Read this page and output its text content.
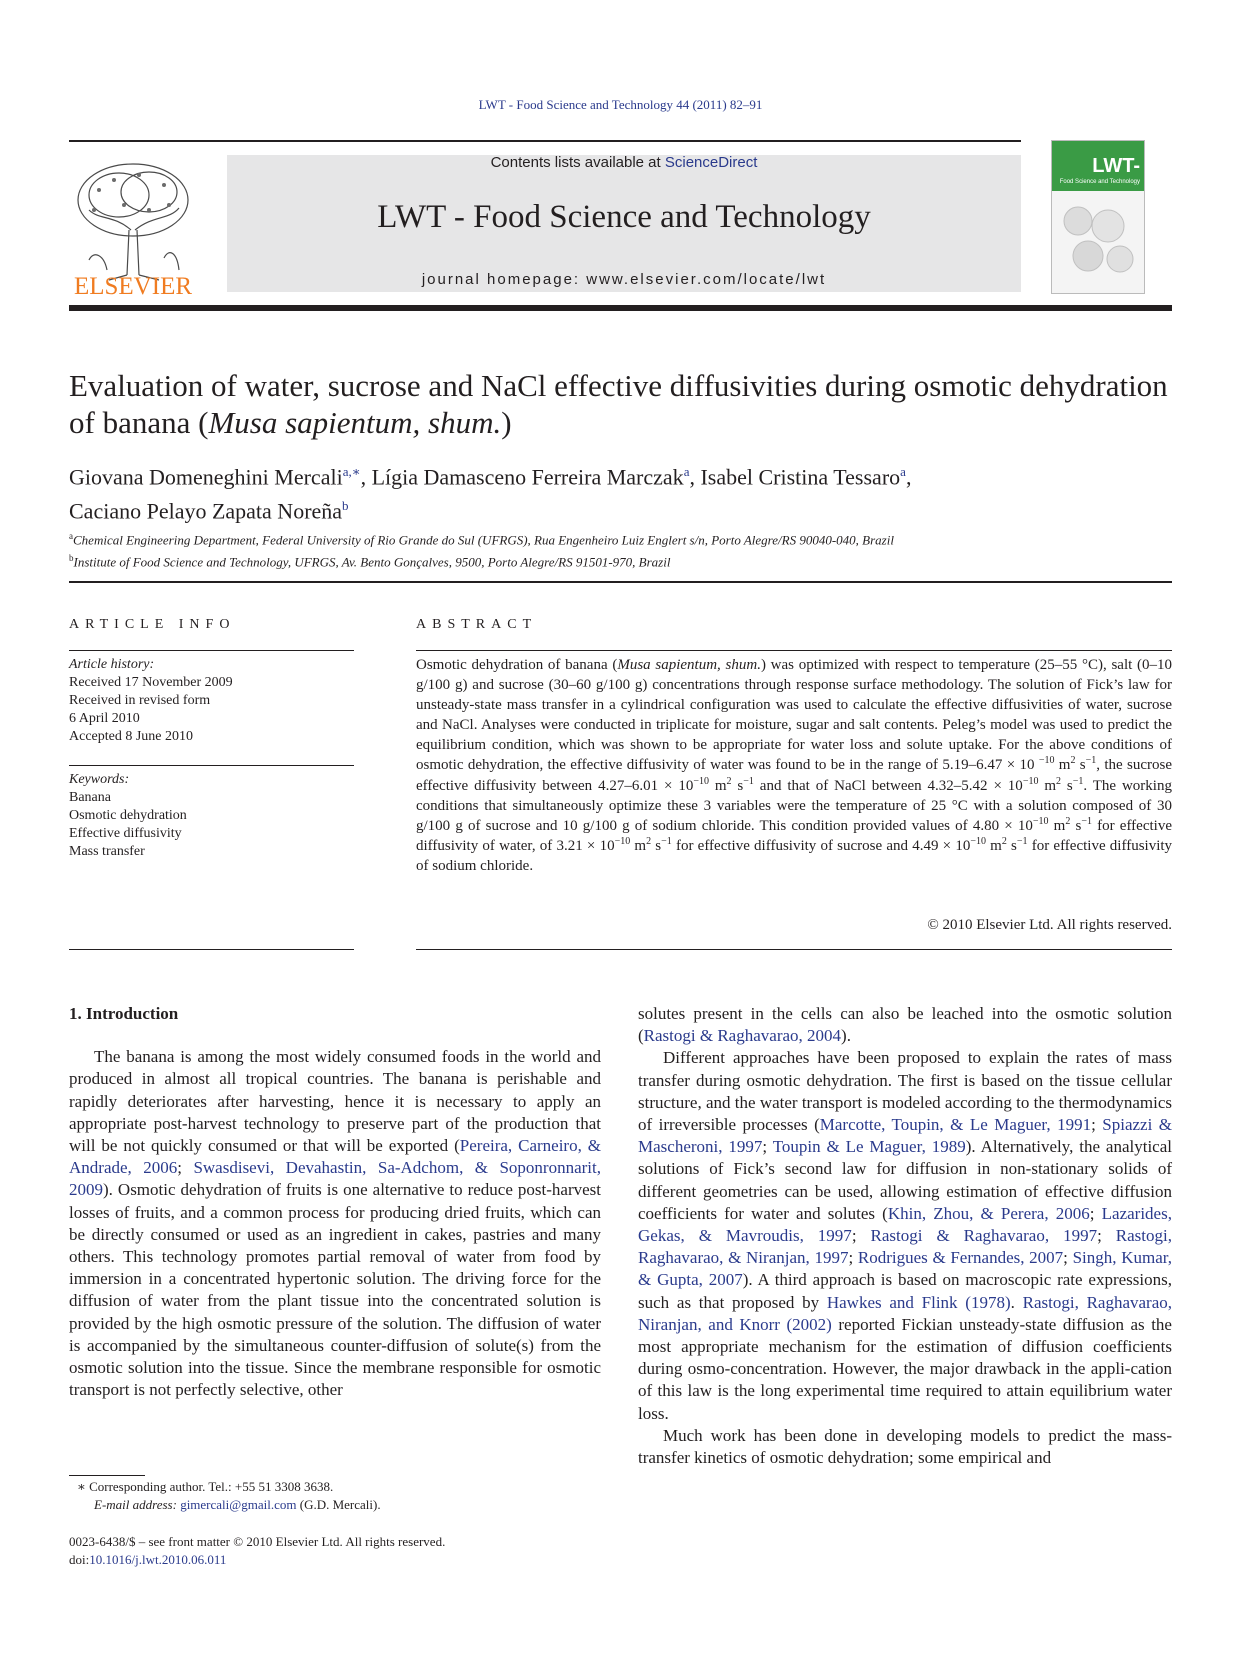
LWT - Food Science and Technology 44 (2011) 82–91
ELSEVIER
Contents lists available at ScienceDirect
LWT - Food Science and Technology
journal homepage: www.elsevier.com/locate/lwt
LWT-
Food Science and Technology
Evaluation of water, sucrose and NaCl effective diffusivities during osmotic dehydration of banana (Musa sapientum, shum.)
Giovana Domeneghini Mercali$^{a,∗}$, Lígia Damasceno Ferreira Marczak$^a$, Isabel Cristina Tessaro$^a$,
Caciano Pelayo Zapata Noreña$^b$
$^a$Chemical Engineering Department, Federal University of Rio Grande do Sul (UFRGS), Rua Engenheiro Luiz Englert s/n, Porto Alegre/RS 90040-040, Brazil
$^b$Institute of Food Science and Technology, UFRGS, Av. Bento Gonçalves, 9500, Porto Alegre/RS 91501-970, Brazil
ARTICLE INFO
Article history:
Received 17 November 2009
Received in revised form
6 April 2010
Accepted 8 June 2010
Keywords:
Banana
Osmotic dehydration
Effective diffusivity
Mass transfer
ABSTRACT
Osmotic dehydration of banana (Musa sapientum, shum.) was optimized with respect to temperature (25–55 °C), salt (0–10 g/100 g) and sucrose (30–60 g/100 g) concentrations through response surface methodology. The solution of Fick’s law for unsteady-state mass transfer in a cylindrical configuration was used to calculate the effective diffusivities of water, sucrose and NaCl. Analyses were conducted in triplicate for moisture, sugar and salt contents. Peleg’s model was used to predict the equilibrium condition, which was shown to be appropriate for water loss and solute uptake. For the above conditions of osmotic dehydration, the effective diffusivity of water was found to be in the range of 5.19–6.47 × 10 $^{-10}$ $m^2$ $s^{-1}$, the sucrose effective diffusivity between $4.27-6.01 \times 10^{-10}$ $m^2$ $s^{-1}$ and that of NaCl between $4.32-5.42 \times 10^{-10}$ $m^2$ $s^{-1}$. The working conditions that simultaneously optimize these 3 variables were the temperature of 25 °C with a solution composed of 30 g/100 g of sucrose and 10 g/100 g of sodium chloride. This condition provided values of $4.80 \times 10^{-10}$ $m^2$ $s^{-1}$ for effective diffusivity of water, of $3.21 \times 10^{-10}$ $m^2$ $s^{-1}$ for effective diffusivity of sucrose and $4.49 \times 10^{-10}$ $m^2$ $s^{-1}$ for effective diffusivity of sodium chloride.
© 2010 Elsevier Ltd. All rights reserved.
1. Introduction

The banana is among the most widely consumed foods in the world and produced in almost all tropical countries. The banana is perishable and rapidly deteriorates after harvesting, hence it is necessary to apply an appropriate post-harvest technology to preserve part of the production that will be not quickly consumed or that will be exported (Pereira, Carneiro, & Andrade, 2006; Swasdisevi, Devahastin, Sa-Adchom, & Soponronnarit, 2009). Osmotic dehydration of fruits is one alternative to reduce post-harvest losses of fruits, and a common process for producing dried fruits, which can be directly consumed or used as an ingredient in cakes, pastries and many others. This technology promotes partial removal of water from food by immersion in a concentrated hypertonic solution. The driving force for the diffusion of water from the plant tissue into the concentrated solution is provided by the high osmotic pressure of the solution. The diffusion of water is accompanied by the simultaneous counter-diffusion of solute(s) from the osmotic solution into the tissue. Since the membrane responsible for osmotic transport is not perfectly selective, other

solutes present in the cells can also be leached into the osmotic solution (Rastogi & Raghavarao, 2004).

Different approaches have been proposed to explain the rates of mass transfer during osmotic dehydration. The first is based on the tissue cellular structure, and the water transport is modeled according to the thermodynamics of irreversible processes (Marcotte, Toupin, & Le Maguer, 1991; Spiazzi & Mascheroni, 1997; Toupin & Le Maguer, 1989). Alternatively, the analytical solutions of Fick’s second law for diffusion in non-stationary solids of different geometries can be used, allowing estimation of effective diffusion coefficients for water and solutes (Khin, Zhou, & Perera, 2006; Lazarides, Gekas, & Mavroudis, 1997; Rastogi & Raghavarao, 1997; Rastogi, Raghavarao, & Niranjan, 1997; Rodrigues & Fernandes, 2007; Singh, Kumar, & Gupta, 2007). A third approach is based on macroscopic rate expressions, such as that proposed by Hawkes and Flink (1978). Rastogi, Raghavarao, Niranjan, and Knorr (2002) reported Fickian unsteady-state diffusion as the most appropriate mechanism for the estimation of diffusion coefficients during osmo-concentration. However, the major drawback in the appli-cation of this law is the long experimental time required to attain equilibrium water loss.

Much work has been done in developing models to predict the mass-transfer kinetics of osmotic dehydration; some empirical and

∗ Corresponding author. Tel.: +55 51 3308 3638.
E-mail address: gimercali@gmail.com (G.D. Mercali).
0023-6438/$ – see front matter © 2010 Elsevier Ltd. All rights reserved.
doi:10.1016/j.lwt.2010.06.011
